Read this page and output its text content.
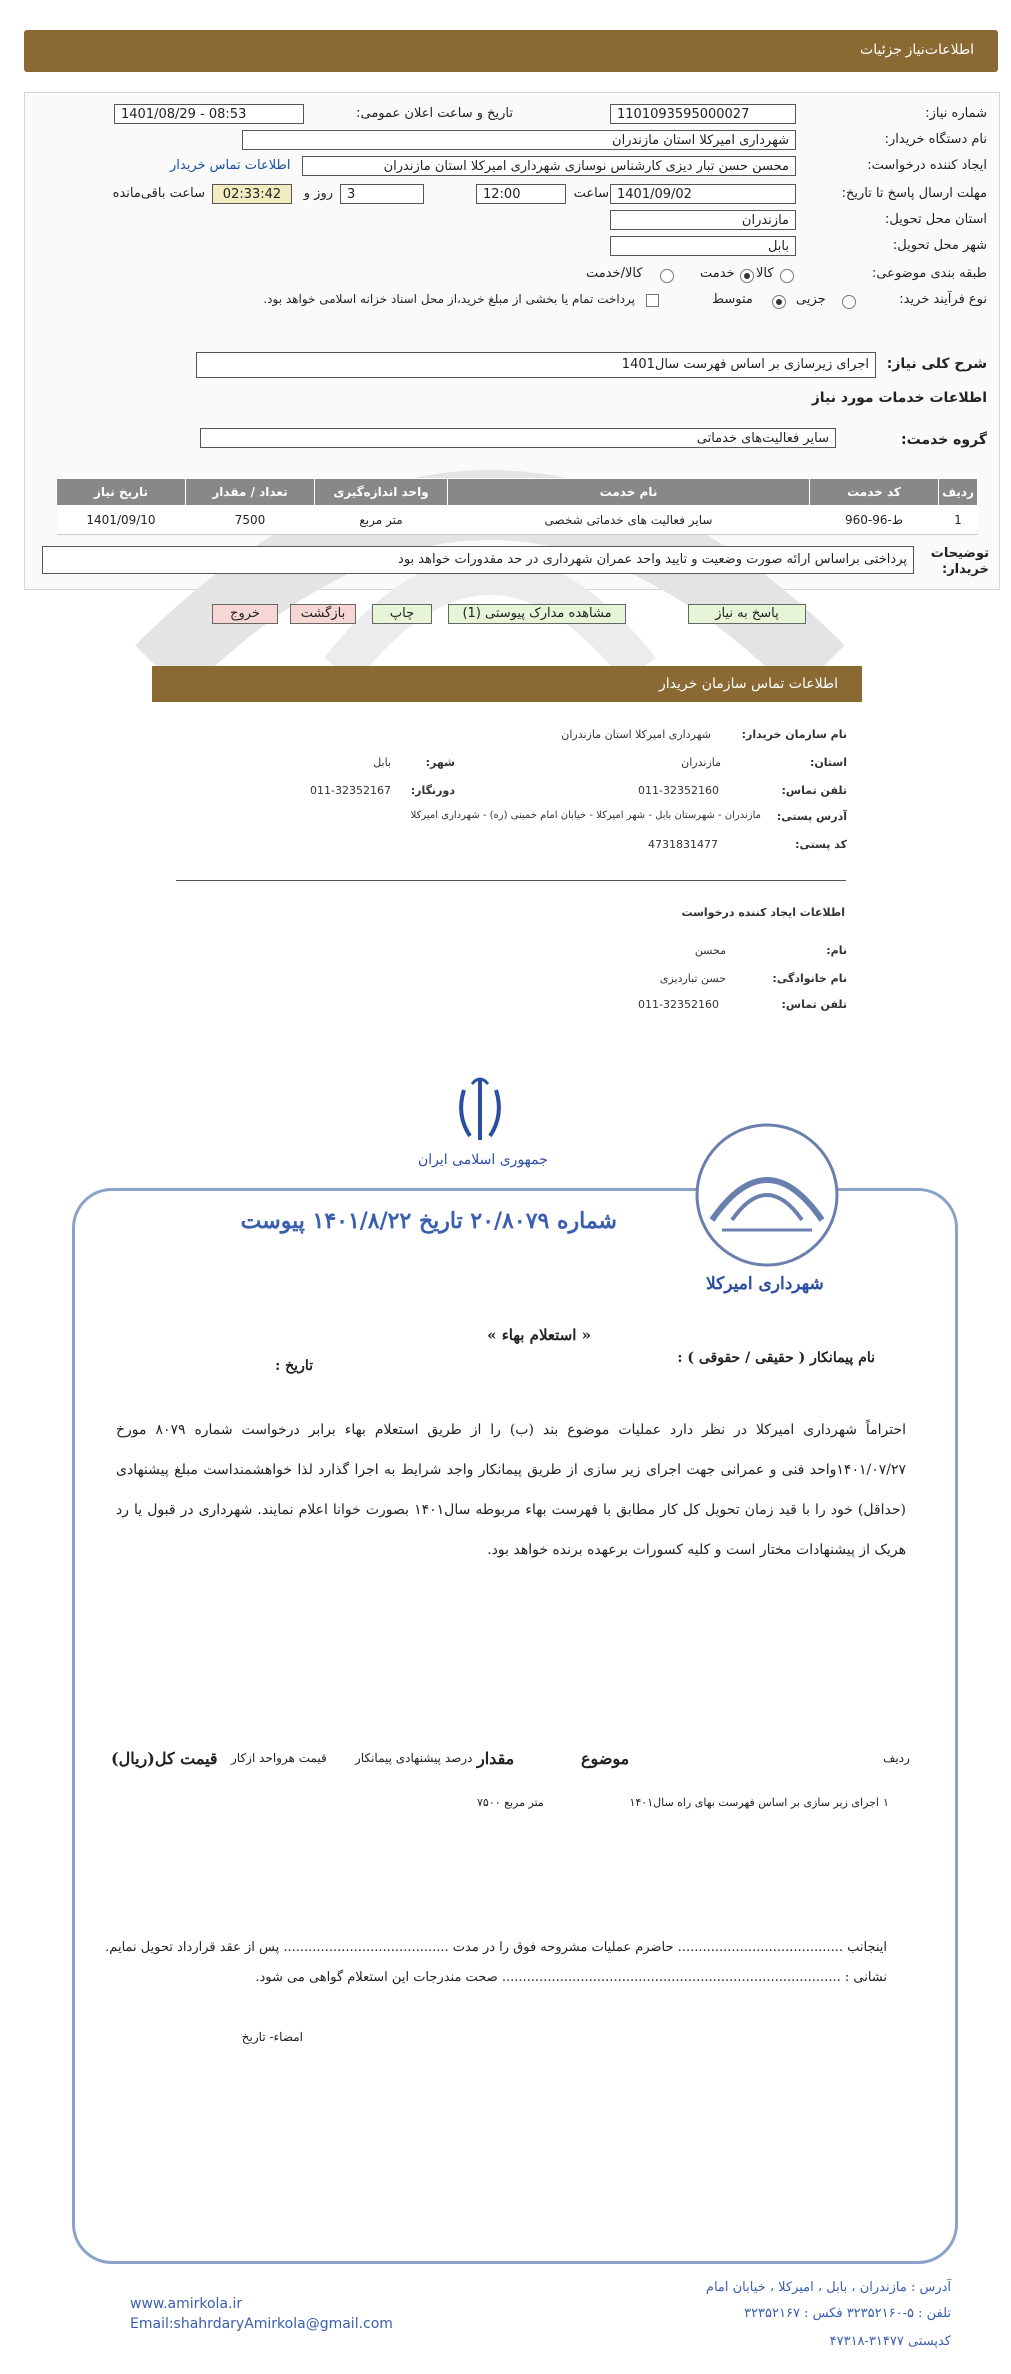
اطلاعات‌نیاز
جزئیات
شماره نیاز:
1101093595000027
تاریخ و ساعت اعلان عمومی:
1401/08/29 - 08:53
نام دستگاه خریدار:
شهرداری امیرکلا استان مازندران
ایجاد کننده درخواست:
محسن حسن تبار دیزی کارشناس نوسازی شهرداری امیرکلا استان مازندران
اطلاعات تماس خریدار
مهلت ارسال پاسخ تا تاریخ:
1401/09/02
ساعت
12:00
3
روز و
02:33:42
ساعت باقی‌مانده
استان محل تحویل:
مازندران
شهر محل تحویل:
بابل
طبقه بندی موضوعی:
کالا
خدمت
کالا/خدمت
نوع فرآیند خرید:
جزیی
متوسط
پرداخت تمام یا بخشی از مبلغ خرید،از محل اسناد خزانه اسلامی خواهد بود.
شرح کلی نیاز:
اجرای زیرسازی بر اساس فهرست سال1401
اطلاعات خدمات مورد نیاز
گروه خدمت:
سایر فعالیت‌های خدماتی
تاریخ نیاز	تعداد / مقدار	واحد اندازه‌گیری	نام خدمت	کد خدمت	ردیف
1401/09/10	7500	متر مربع	سایر فعالیت های خدماتی شخصی	ط-96-960	1
توضیحات خریدار:
پرداختی براساس ارائه صورت وضعیت و تایید واحد عمران شهرداری در حد مقدورات خواهد بود
پاسخ به نیاز
مشاهده مدارک پیوستی (1)
چاپ
بازگشت
خروج
اطلاعات تماس سازمان خریدار
نام سازمان خریدار:
شهرداری امیرکلا استان مازندران
استان:
مازندران
شهر:
بابل
تلفن تماس:
011-32352160
دورنگار:
011-32352167
آدرس پستی:
مازندران - شهرستان بابل - شهر امیرکلا - خیابان امام خمینی (ره) - شهرداری امیرکلا
کد پستی:
4731831477
اطلاعات ایجاد کننده درخواست
نام:
محسن
نام خانوادگی:
حسن تباردیزی
تلفن تماس:
011-32352160
جمهوری اسلامی ایران
شهرداری امیرکلا
شماره ۲۰/۸۰۷۹ تاریخ ۱۴۰۱/۸/۲۲ پیوست
« استعلام بهاء »
نام پیمانکار ( حقیقی / حقوقی ) :
تاریخ :
احتراماً شهرداری امیرکلا در نظر دارد عملیات موضوع بند (ب) را از طریق استعلام بهاء برابر درخواست شماره ۸۰۷۹ مورخ ۱۴۰۱/۰۷/۲۷واحد فنی و عمرانی جهت اجرای زیر سازی از طریق پیمانکار واجد شرایط به اجرا گذارد لذا خواهشمنداست مبلغ پیشنهادی (حداقل) خود را با قید زمان تحویل کل کار مطابق با فهرست بهاء مربوطه سال۱۴۰۱ بصورت خوانا اعلام نمایند. شهرداری در قبول یا رد هریک از پیشنهادات مختار است و کلیه کسورات برعهده برنده خواهد بود.
قیمت کل(ریال)	قیمت هرواحد ازکار	درصد پیشنهادی پیمانکار	مقدار	موضوع	ردیف
			۷۵۰۰ متر مربع	اجرای زیر سازی بر اساس فهرست بهای راه سال۱۴۰۱	۱
اینجانب ........................................ حاضرم عملیات مشروحه فوق را در مدت ........................................ پس از عقد قرارداد تحویل نمایم.
نشانی : .................................................................................. صحت مندرجات این استعلام گواهی می شود.
امضاء- تاریخ
آدرس : مازندران ، بابل ، امیرکلا ، خیابان امام
تلفن : ۵-۳۲۳۵۲۱۶۰ فکس : ۳۲۳۵۲۱۶۷
کدپستی ۳۱۴۷۷-۴۷۳۱۸
www.amirkola.ir
Email:shahrdaryAmirkola@gmail.com
